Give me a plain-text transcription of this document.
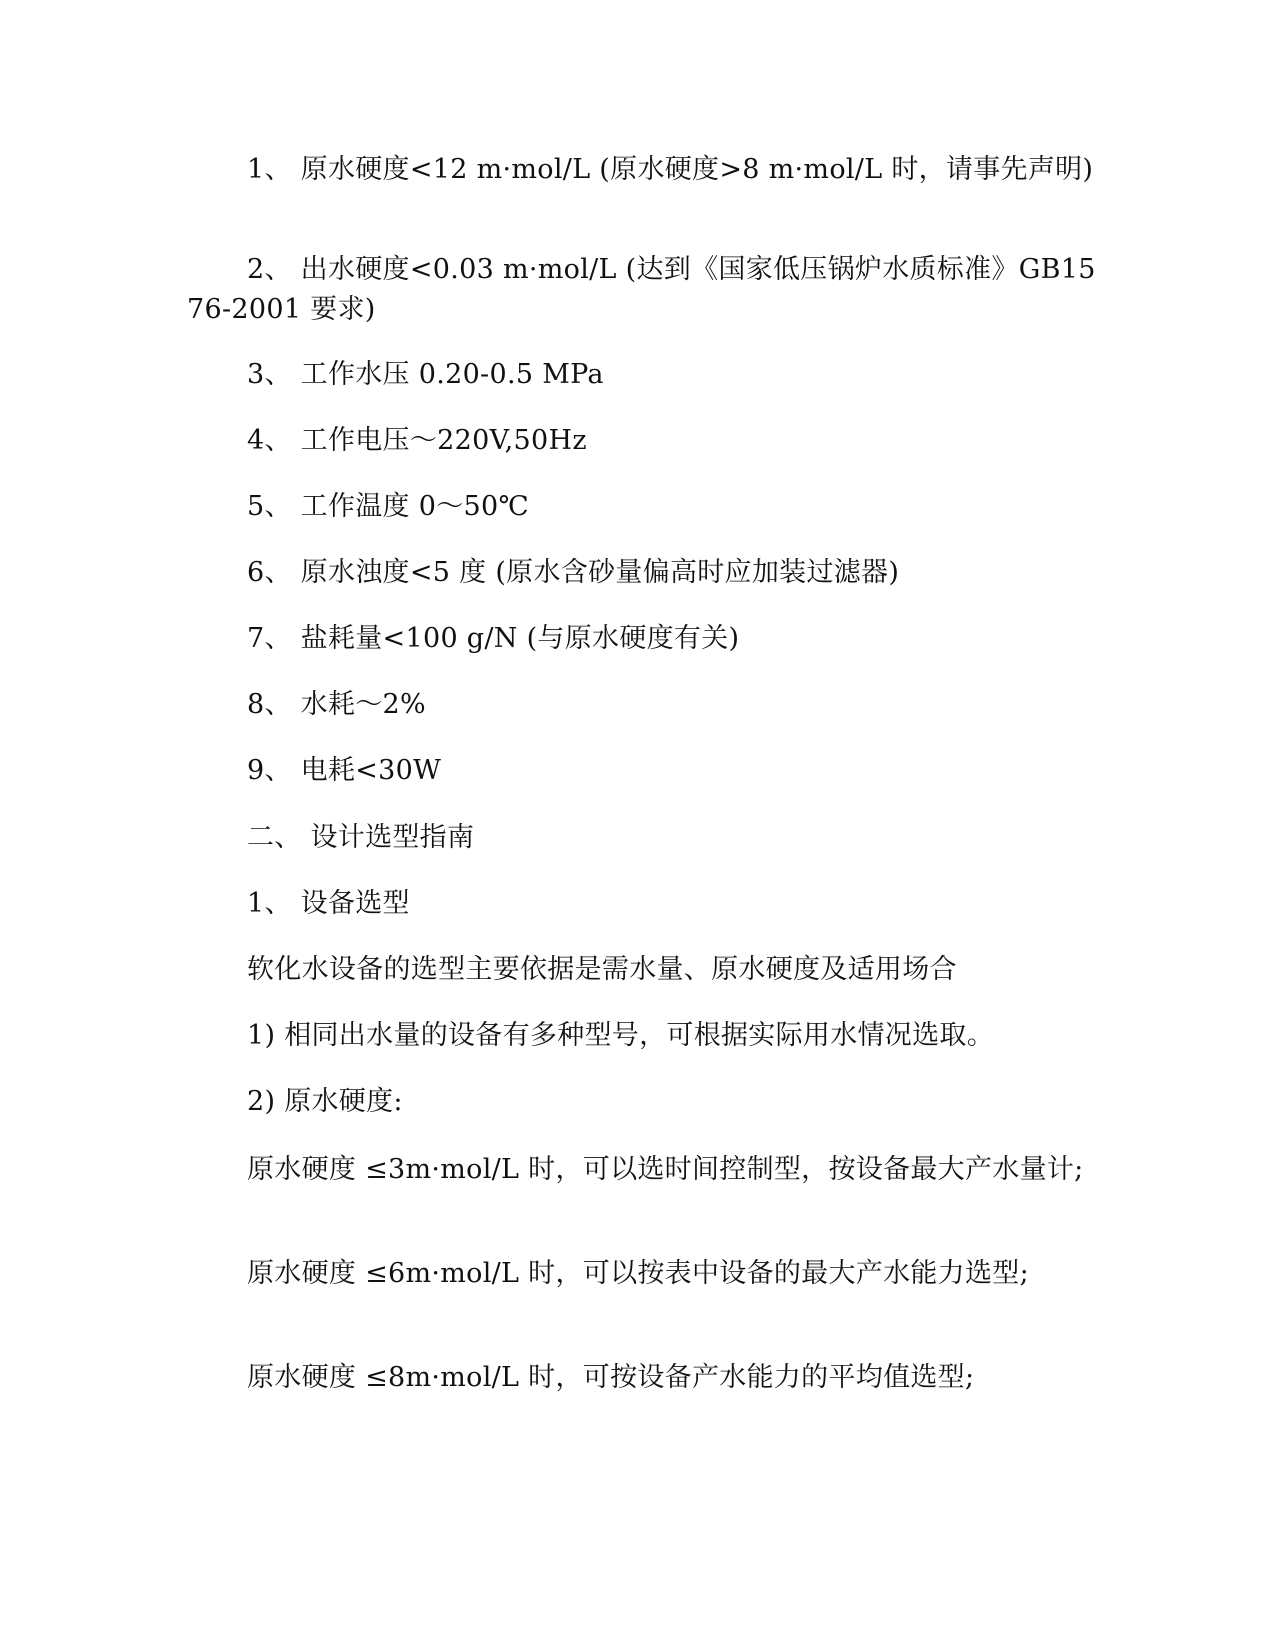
1、 原水硬度<12 m·mol/L (原水硬度>8 m·mol/L 时，请事先声明)

2、 出水硬度<0.03 m·mol/L (达到《国家低压锅炉水质标准》GB1576-2001 要求)

3、 工作水压 0.20-0.5 MPa

4、 工作电压～220V,50Hz

5、 工作温度 0～50℃

6、 原水浊度<5 度 (原水含砂量偏高时应加装过滤器)

7、 盐耗量<100 g/N (与原水硬度有关)

8、 水耗～2%

9、 电耗<30W

二、 设计选型指南

1、 设备选型

软化水设备的选型主要依据是需水量、原水硬度及适用场合

1) 相同出水量的设备有多种型号，可根据实际用水情况选取。

2) 原水硬度:

原水硬度 ≤3m·mol/L 时，可以选时间控制型，按设备最大产水量计;

原水硬度 ≤6m·mol/L 时，可以按表中设备的最大产水能力选型;

原水硬度 ≤8m·mol/L 时，可按设备产水能力的平均值选型;
